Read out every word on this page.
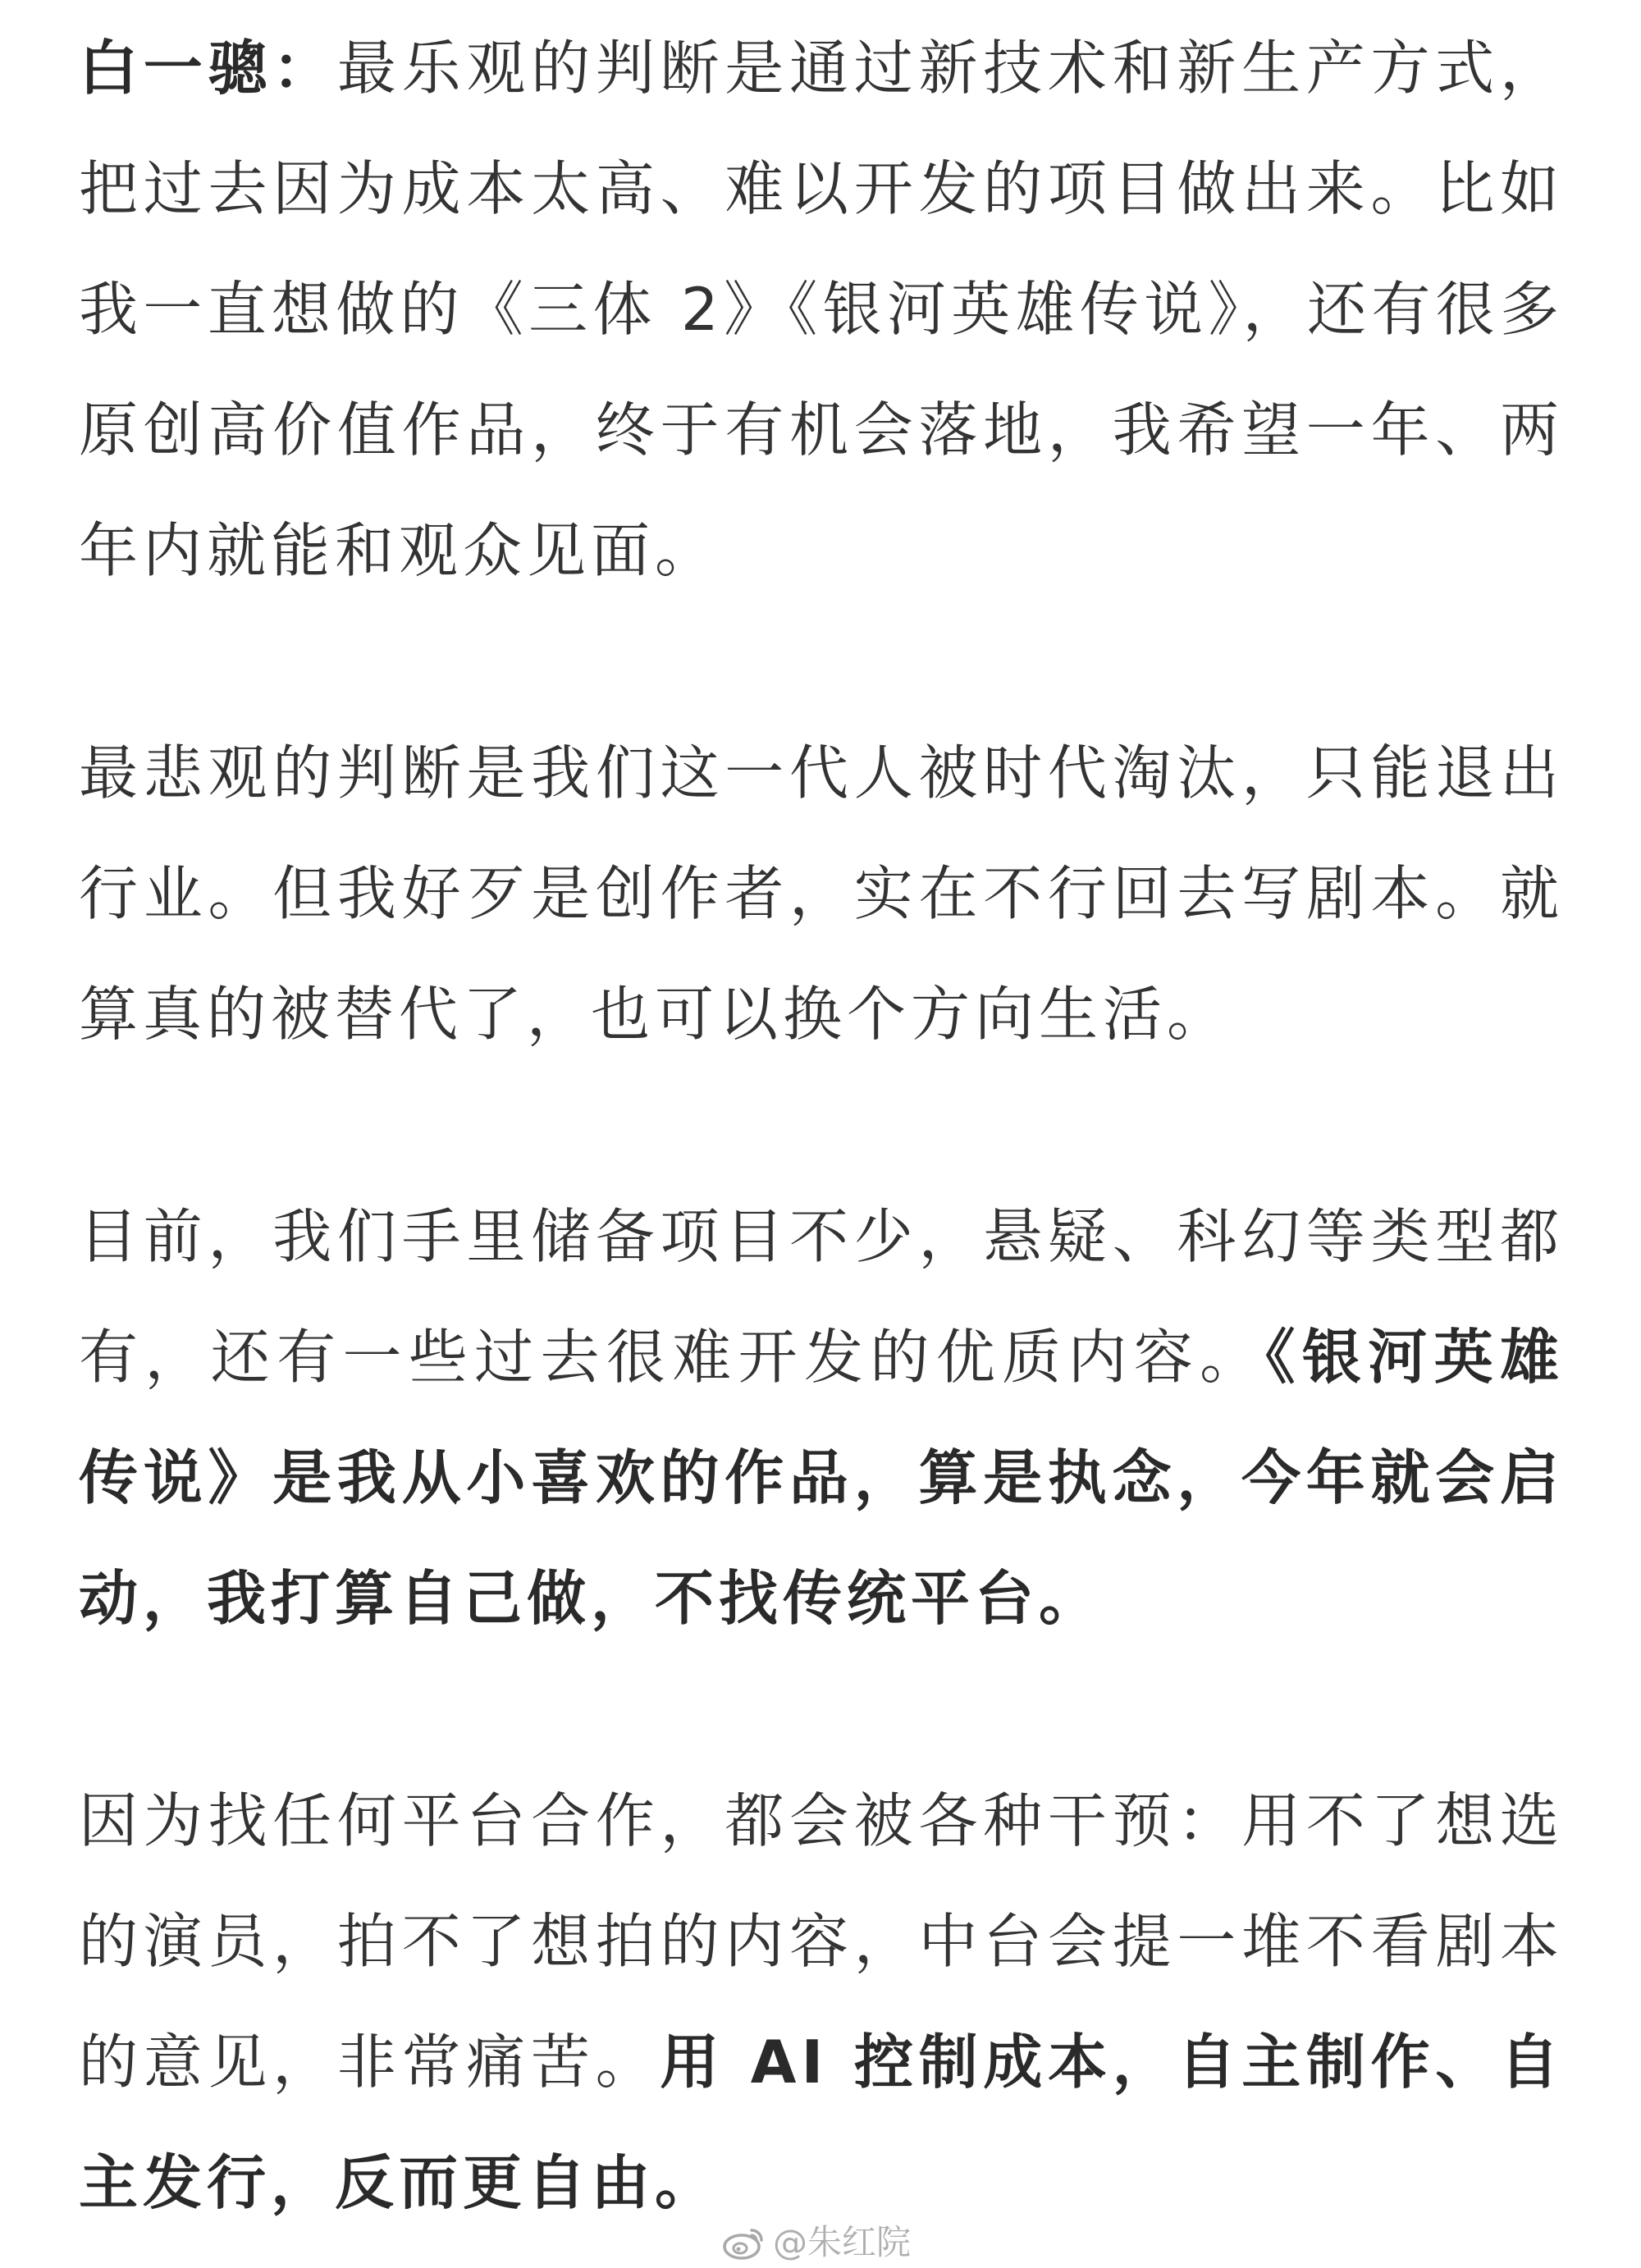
白一骢：最乐观的判断是通过新技术和新生产方式，把过去因为成本太高、难以开发的项目做出来。比如我一直想做的《三体 2》《银河英雄传说》，还有很多原创高价值作品，终于有机会落地，我希望一年、两年内就能和观众见面。

最悲观的判断是我们这一代人被时代淘汰，只能退出行业。但我好歹是创作者，实在不行回去写剧本。就算真的被替代了，也可以换个方向生活。

目前，我们手里储备项目不少，悬疑、科幻等类型都有，还有一些过去很难开发的优质内容。《银河英雄传说》是我从小喜欢的作品，算是执念，今年就会启动，我打算自己做，不找传统平台。

因为找任何平台合作，都会被各种干预：用不了想选的演员，拍不了想拍的内容，中台会提一堆不看剧本的意见，非常痛苦。用 AI 控制成本，自主制作、自主发行，反而更自由。

@朱红院
